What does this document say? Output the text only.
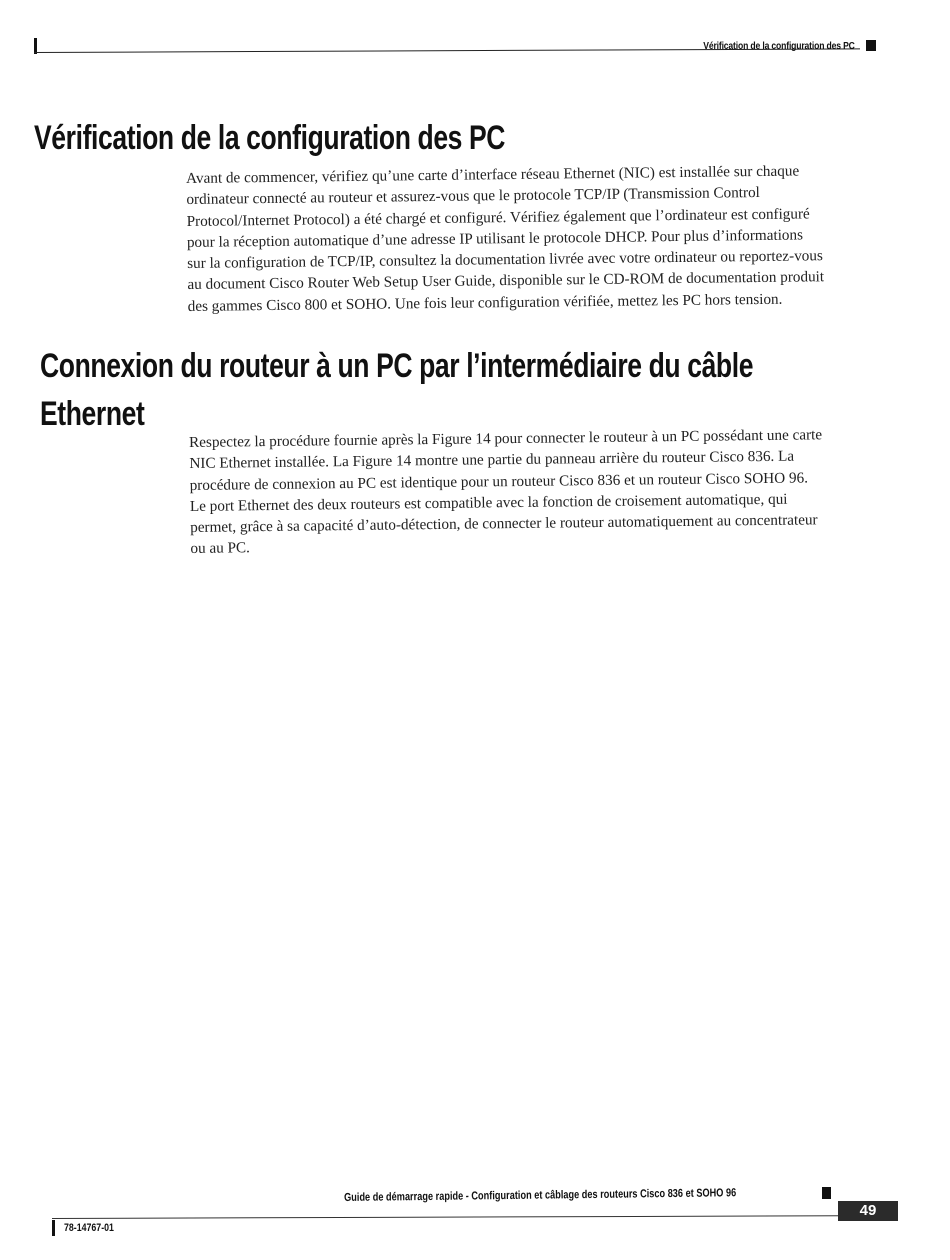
Vérification de la configuration des PC
Vérification de la configuration des PC
Avant de commencer, vérifiez qu’une carte d’interface réseau Ethernet (NIC) est installée sur chaque
ordinateur connecté au routeur et assurez-vous que le protocole TCP/IP (Transmission Control
Protocol/Internet Protocol) a été chargé et configuré. Vérifiez également que l’ordinateur est configuré
pour la réception automatique d’une adresse IP utilisant le protocole DHCP. Pour plus d’informations
sur la configuration de TCP/IP, consultez la documentation livrée avec votre ordinateur ou reportez-vous
au document Cisco Router Web Setup User Guide, disponible sur le CD-ROM de documentation produit
des gammes Cisco 800 et SOHO. Une fois leur configuration vérifiée, mettez les PC hors tension.
Connexion du routeur à un PC par l’intermédiaire du câble
Ethernet
Respectez la procédure fournie après la Figure 14 pour connecter le routeur à un PC possédant une carte
NIC Ethernet installée. La Figure 14 montre une partie du panneau arrière du routeur Cisco 836. La
procédure de connexion au PC est identique pour un routeur Cisco 836 et un routeur Cisco SOHO 96.
Le port Ethernet des deux routeurs est compatible avec la fonction de croisement automatique, qui
permet, grâce à sa capacité d’auto-détection, de connecter le routeur automatiquement au concentrateur
ou au PC.
Guide de démarrage rapide - Configuration et câblage des routeurs Cisco 836 et SOHO 96
49
78-14767-01
